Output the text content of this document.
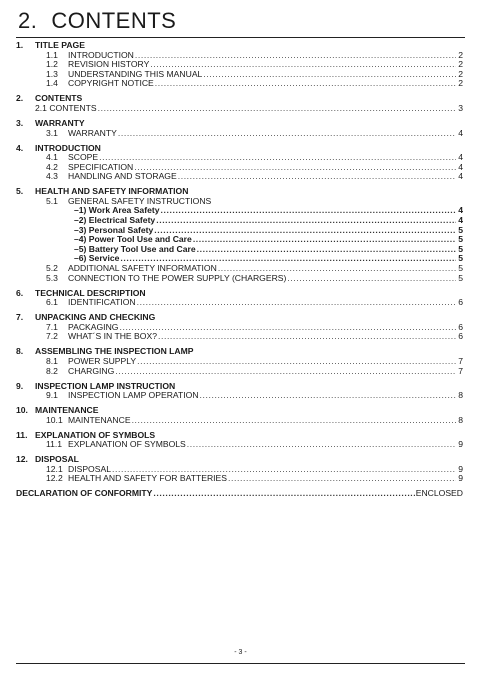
2. CONTENTS
1.	TITLE PAGE
1.1	INTRODUCTION .....	2
1.2	REVISION HISTORY .....	2
1.3	UNDERSTANDING THIS MANUAL .....	2
1.4	COPYRIGHT NOTICE .....	2
2.	CONTENTS
2.1 CONTENTS .....	3
3.	WARRANTY
3.1	WARRANTY .....	4
4.	INTRODUCTION
4.1	SCOPE .....	4
4.2	SPECIFICATION .....	4
4.3	HANDLING AND STORAGE .....	4
5.	HEALTH AND SAFETY INFORMATION
5.1	GENERAL SAFETY INSTRUCTIONS
–1) Work Area Safety .....	4
–2) Electrical Safety .....	4
–3) Personal Safety .....	5
–4) Power Tool Use and Care .....	5
–5) Battery Tool Use and Care .....	5
–6) Service .....	5
5.2	ADDITIONAL SAFETY INFORMATION .....	5
5.3	CONNECTION TO THE POWER SUPPLY (CHARGERS) .....	5
6.	TECHNICAL DESCRIPTION
6.1	IDENTIFICATION .....	6
7.	UNPACKING AND CHECKING
7.1	PACKAGING .....	6
7.2	WHAT´S IN THE BOX? .....	6
8.	ASSEMBLING THE INSPECTION LAMP
8.1	POWER SUPPLY .....	7
8.2	CHARGING .....	7
9.	INSPECTION LAMP INSTRUCTION
9.1	INSPECTION LAMP OPERATION .....	8
10. MAINTENANCE
10.1 MAINTENANCE .....	8
11. EXPLANATION OF SYMBOLS
11.1 EXPLANATION OF SYMBOLS .....	9
12. DISPOSAL
12.1 DISPOSAL .....	9
12.2 HEALTH AND SAFETY FOR BATTERIES .....	9
DECLARATION OF CONFORMITY .....	ENCLOSED
- 3 -
